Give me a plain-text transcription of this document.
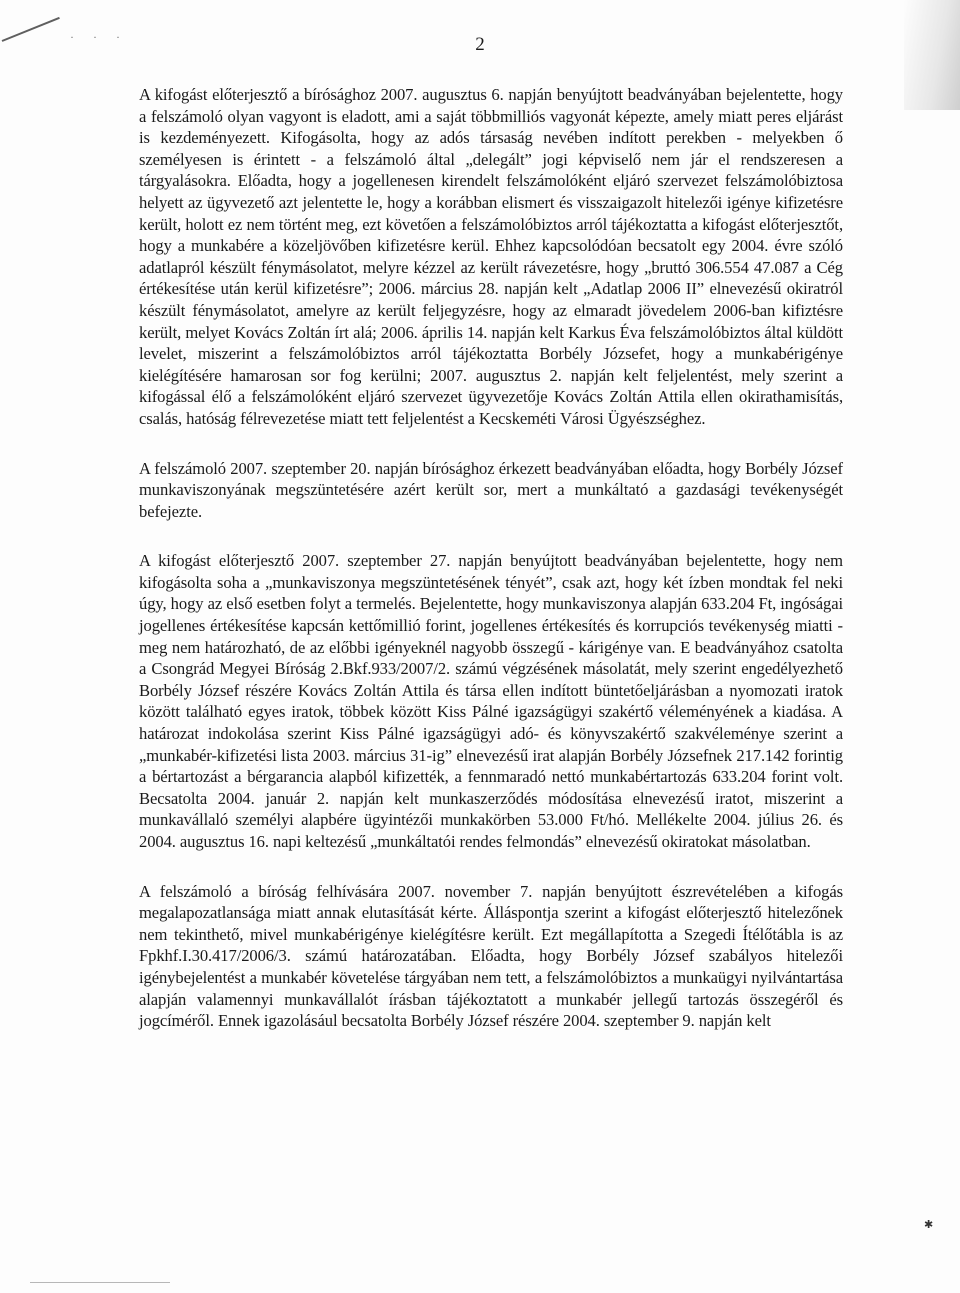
· · ·	2

A kifogást előterjesztő a bírósághoz 2007. augusztus 6. napján benyújtott beadványában bejelentette, hogy a felszámoló olyan vagyont is eladott, ami a saját többmilliós vagyonát képezte, amely miatt peres eljárást is kezdeményezett. Kifogásolta, hogy az adós társaság nevében indított perekben - melyekben ő személyesen is érintett - a felszámoló által „delegált” jogi képviselő nem jár el rendszeresen a tárgyalásokra. Előadta, hogy a jogellenesen kirendelt felszámolóként eljáró szervezet felszámolóbiztosa helyett az ügyvezető azt jelentette le, hogy a korábban elismert és visszaigazolt hitelezői igénye kifizetésre került, holott ez nem történt meg, ezt követően a felszámolóbiztos arról tájékoztatta a kifogást előterjesztőt, hogy a munkabére a közeljövőben kifizetésre kerül. Ehhez kapcsolódóan becsatolt egy 2004. évre szóló adatlapról készült fénymásolatot, melyre kézzel az került rávezetésre, hogy „bruttó 306.554 47.087 a Cég értékesítése után kerül kifizetésre”; 2006. március 28. napján kelt „Adatlap 2006 II” elnevezésű okiratról készült fénymásolatot, amelyre az került feljegyzésre, hogy az elmaradt jövedelem 2006-ban kifiztésre került, melyet Kovács Zoltán írt alá; 2006. április 14. napján kelt Karkus Éva felszámolóbiztos által küldött levelet, miszerint a felszámolóbiztos arról tájékoztatta Borbély Józsefet, hogy a munkabérigénye kielégítésére hamarosan sor fog kerülni; 2007. augusztus 2. napján kelt feljelentést, mely szerint a kifogással élő a felszámolóként eljáró szervezet ügyvezetője Kovács Zoltán Attila ellen okirathamisítás, csalás, hatóság félrevezetése miatt tett feljelentést a Kecskeméti Városi Ügyészséghez.

A felszámoló 2007. szeptember 20. napján bírósághoz érkezett beadványában előadta, hogy Borbély József munkaviszonyának megszüntetésére azért került sor, mert a munkáltató a gazdasági tevékenységét befejezte.

A kifogást előterjesztő 2007. szeptember 27. napján benyújtott beadványában bejelentette, hogy nem kifogásolta soha a „munkaviszonya megszüntetésének tényét”, csak azt, hogy két ízben mondtak fel neki úgy, hogy az első esetben folyt a termelés. Bejelentette, hogy munkaviszonya alapján 633.204 Ft, ingóságai jogellenes értékesítése kapcsán kettőmillió forint, jogellenes értékesítés és korrupciós tevékenység miatti - meg nem határozható, de az előbbi igényeknél nagyobb összegű - kárigénye van. E beadványához csatolta a Csongrád Megyei Bíróság 2.Bkf.933/2007/2. számú végzésének másolatát, mely szerint engedélyezhető Borbély József részére Kovács Zoltán Attila és társa ellen indított büntetőeljárásban a nyomozati iratok között található egyes iratok, többek között Kiss Pálné igazságügyi szakértő véleményének a kiadása. A határozat indokolása szerint Kiss Pálné igazságügyi adó- és könyvszakértő szakvéleménye szerint a „munkabér-kifizetési lista 2003. március 31-ig” elnevezésű irat alapján Borbély Józsefnek 217.142 forintig a bértartozást a bérgarancia alapból kifizették, a fennmaradó nettó munkabértartozás 633.204 forint volt. Becsatolta 2004. január 2. napján kelt munkaszerződés módosítása elnevezésű iratot, miszerint a munkavállaló személyi alapbére ügyintézői munkakörben 53.000 Ft/hó. Mellékelte 2004. július 26. és 2004. augusztus 16. napi keltezésű „munkáltatói rendes felmondás” elnevezésű okiratokat másolatban.

A felszámoló a bíróság felhívására 2007. november 7. napján benyújtott észrevételében a kifogás megalapozatlansága miatt annak elutasítását kérte. Álláspontja szerint a kifogást előterjesztő hitelezőnek nem tekinthető, mivel munkabérigénye kielégítésre került. Ezt megállapította a Szegedi Ítélőtábla is az Fpkhf.I.30.417/2006/3. számú határozatában. Előadta, hogy Borbély József szabályos hitelezői igénybejelentést a munkabér követelése tárgyában nem tett, a felszámolóbiztos a munkaügyi nyilvántartása alapján valamennyi munkavállalót írásban tájékoztatott a munkabér jellegű tartozás összegéről és jogcíméről. Ennek igazolásául becsatolta Borbély József részére 2004. szeptember 9. napján kelt

✱
